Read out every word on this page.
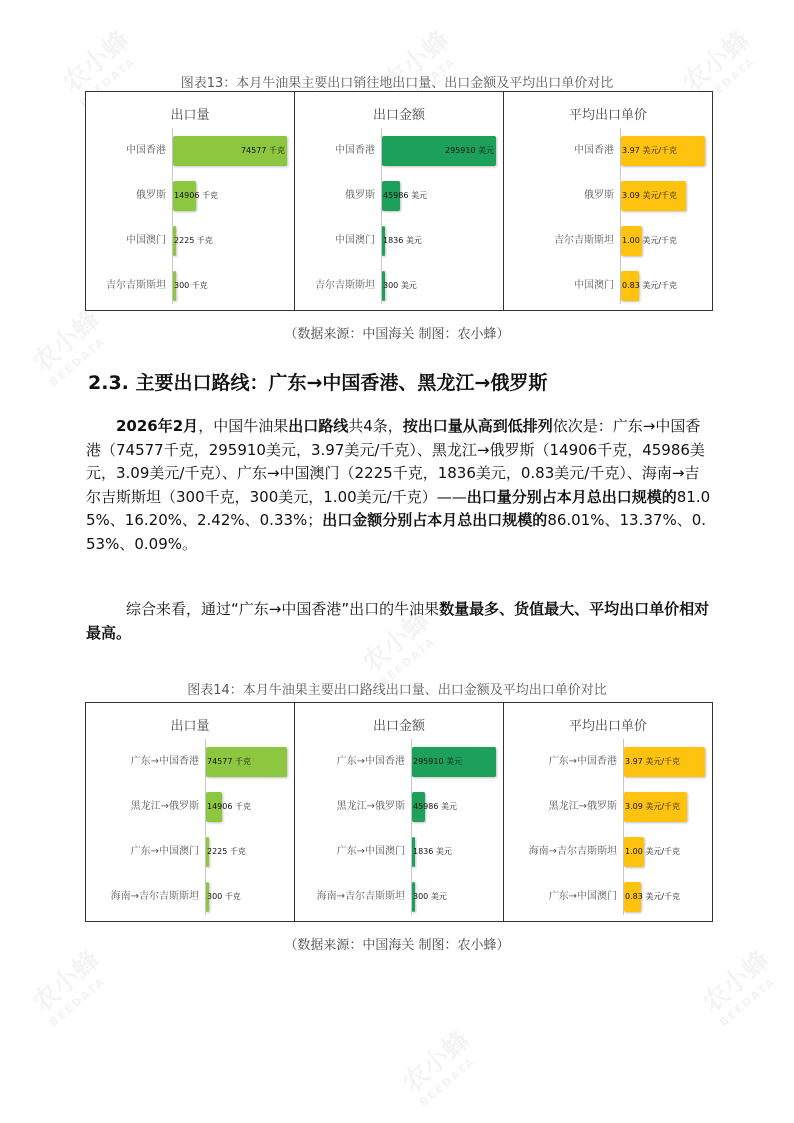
图表13：本月牛油果主要出口销往地出口量、出口金额及平均出口单价对比
出口量
中国香港	74577 千克
俄罗斯 14906 千克
中国澳门 2225 千克
吉尔吉斯斯坦 300 千克
出口金额
中国香港	295910 美元
俄罗斯 45986 美元
中国澳门 1836 美元
吉尔吉斯斯坦 300 美元
平均出口单价
中国香港 3.97 美元/千克
俄罗斯 3.09 美元/千克
吉尔吉斯斯坦 1.00 美元/千克
中国澳门 0.83 美元/千克
（数据来源：中国海关 制图：农小蜂）
2.3. 主要出口路线：广东→中国香港、黑龙江→俄罗斯
2026年2月，中国牛油果出口路线共4条，按出口量从高到低排列依次是：广东→中国香港（74577千克，295910美元，3.97美元/千克）、黑龙江→俄罗斯（14906千克，45986美元，3.09美元/千克）、广东→中国澳门（2225千克，1836美元，0.83美元/千克）、海南→吉尔吉斯斯坦（300千克，300美元，1.00美元/千克）——出口量分别占本月总出口规模的81.05%、16.20%、2.42%、0.33%；出口金额分别占本月总出口规模的86.01%、13.37%、0.53%、0.09%。
综合来看，通过“广东→中国香港”出口的牛油果数量最多、货值最大、平均出口单价相对最高。
图表14：本月牛油果主要出口路线出口量、出口金额及平均出口单价对比
出口量
广东→中国香港 74577 千克
黑龙江→俄罗斯 14906 千克
广东→中国澳门 2225 千克
海南→吉尔吉斯斯坦 300 千克
出口金额
广东→中国香港 295910 美元
黑龙江→俄罗斯 45986 美元
广东→中国澳门 1836 美元
海南→吉尔吉斯斯坦 300 美元
平均出口单价
广东→中国香港 3.97 美元/千克
黑龙江→俄罗斯 3.09 美元/千克
海南→吉尔吉斯斯坦 1.00 美元/千克
广东→中国澳门 0.83 美元/千克
（数据来源：中国海关 制图：农小蜂）
